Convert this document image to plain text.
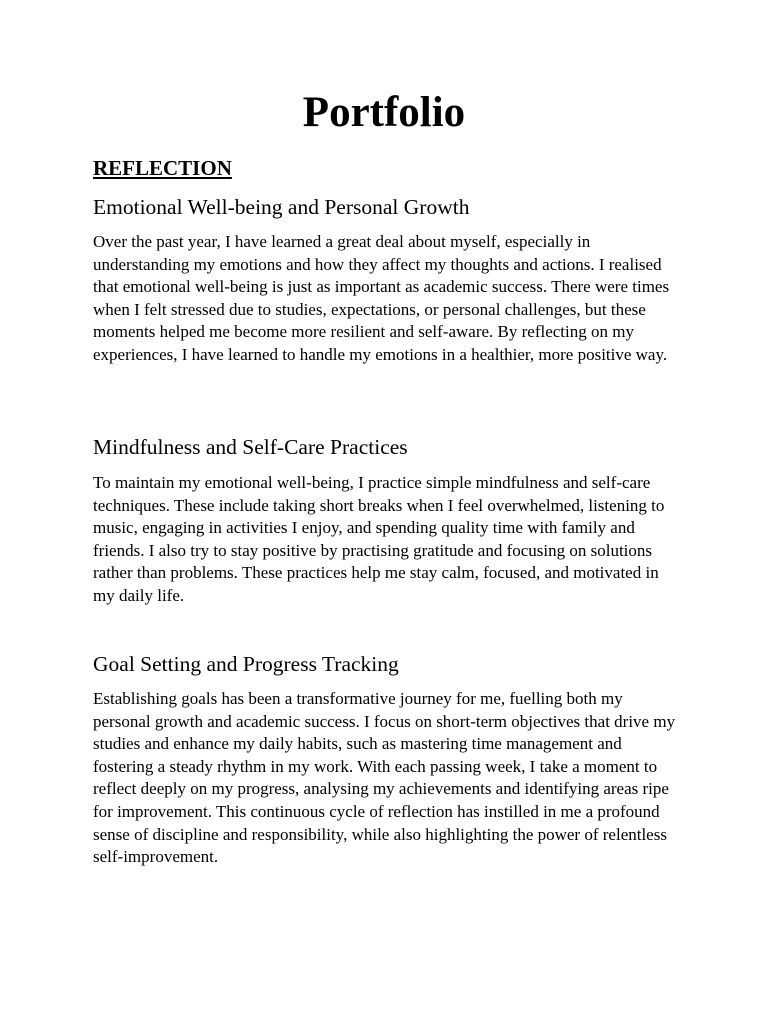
Portfolio
REFLECTION
Emotional Well-being and Personal Growth

Over the past year, I have learned a great deal about myself, especially in understanding my emotions and how they affect my thoughts and actions. I realised that emotional well-being is just as important as academic success. There were times when I felt stressed due to studies, expectations, or personal challenges, but these moments helped me become more resilient and self-aware. By reflecting on my experiences, I have learned to handle my emotions in a healthier, more positive way.

Mindfulness and Self-Care Practices

To maintain my emotional well-being, I practice simple mindfulness and self-care techniques. These include taking short breaks when I feel overwhelmed, listening to music, engaging in activities I enjoy, and spending quality time with family and friends. I also try to stay positive by practising gratitude and focusing on solutions rather than problems. These practices help me stay calm, focused, and motivated in my daily life.

Goal Setting and Progress Tracking

Establishing goals has been a transformative journey for me, fuelling both my personal growth and academic success. I focus on short-term objectives that drive my studies and enhance my daily habits, such as mastering time management and fostering a steady rhythm in my work. With each passing week, I take a moment to reflect deeply on my progress, analysing my achievements and identifying areas ripe for improvement. This continuous cycle of reflection has instilled in me a profound sense of discipline and responsibility, while also highlighting the power of relentless self-improvement.
